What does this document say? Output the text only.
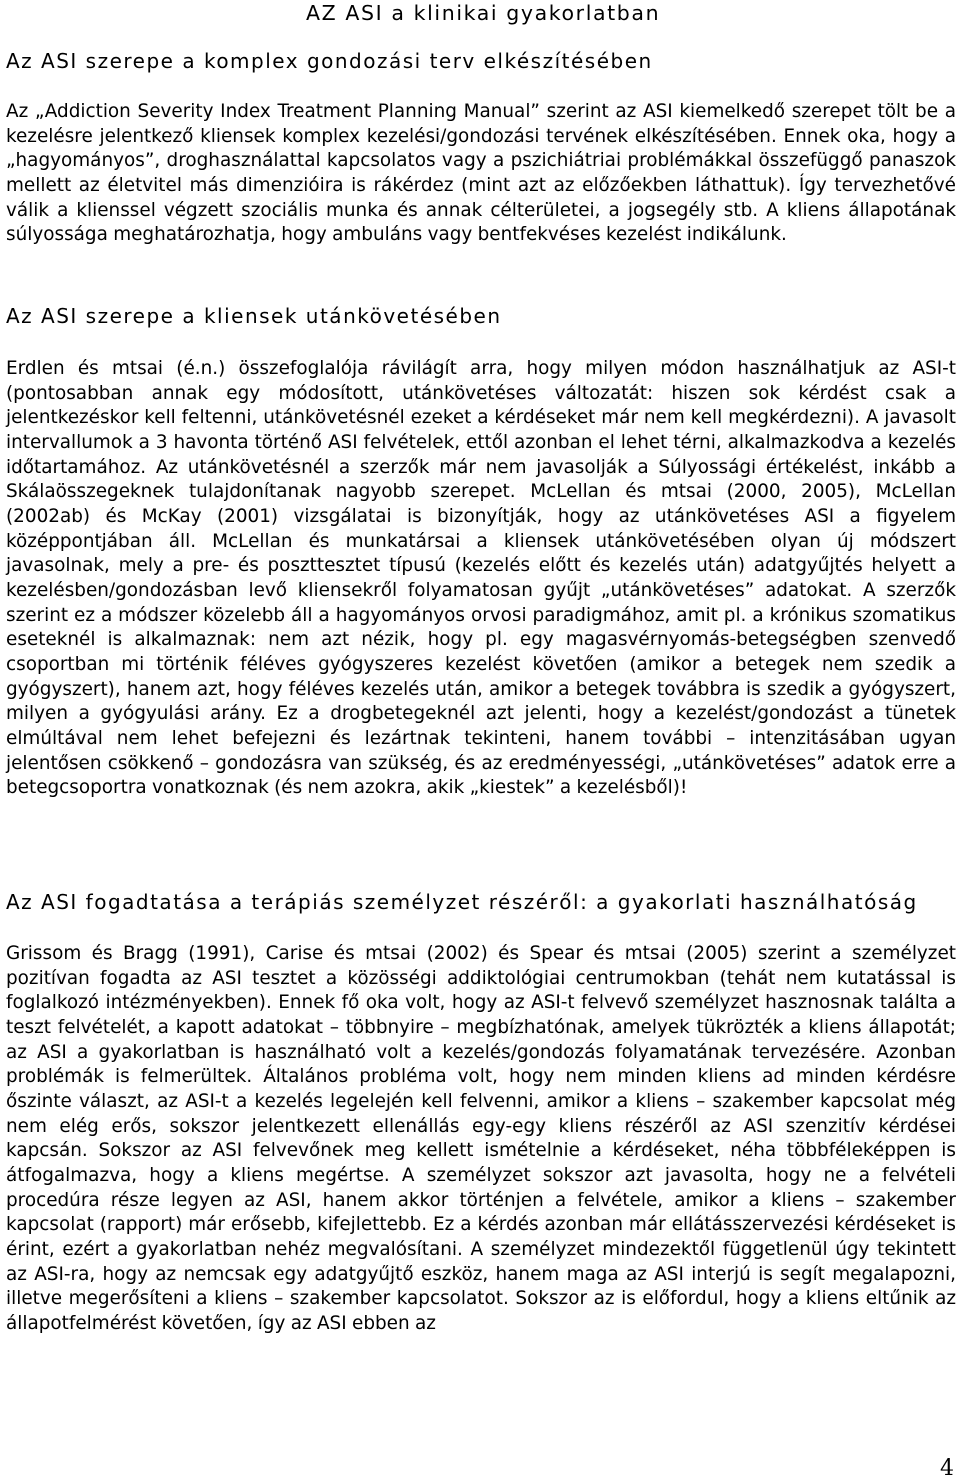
AZ ASI a klinikai gyakorlatban
Az ASI szerepe a komplex gondozási terv elkészítésében
Az „Addiction Severity Index Treatment Planning Manual” szerint az ASI kiemelkedő szerepet tölt be a kezelésre jelentkező kliensek komplex kezelési/gondozási tervének elkészítésében. Ennek oka, hogy a „hagyományos”, droghasználattal kapcsolatos vagy a pszichiátriai problémákkal összefüggő panaszok mellett az életvitel más dimenzióira is rákérdez (mint azt az előzőekben láthattuk). Így tervezhetővé válik a klienssel végzett szociális munka és annak célterületei, a jogsegély stb. A kliens állapotának súlyossága meghatározhatja, hogy ambuláns vagy bentfekvéses kezelést indikálunk.
Az ASI szerepe a kliensek utánkövetésében
Erdlen és mtsai (é.n.) összefoglalója rávilágít arra, hogy milyen módon használhatjuk az ASI-t (pontosabban annak egy módosított, utánkövetéses változatát: hiszen sok kérdést csak a jelentkezéskor kell feltenni, utánkövetésnél ezeket a kérdéseket már nem kell megkérdezni). A javasolt intervallumok a 3 havonta történő ASI felvételek, ettől azonban el lehet térni, alkalmazkodva a kezelés időtartamához. Az utánkövetésnél a szerzők már nem javasolják a Súlyossági értékelést, inkább a Skálaösszegeknek tulajdonítanak nagyobb szerepet. McLellan és mtsai (2000, 2005), McLellan (2002ab) és McKay (2001) vizsgálatai is bizonyítják, hogy az utánkövetéses ASI a figyelem középpontjában áll. McLellan és munkatársai a kliensek utánkövetésében olyan új módszert javasolnak, mely a pre- és poszttesztet típusú (kezelés előtt és kezelés után) adatgyűjtés helyett a kezelésben/gondozásban levő kliensekről folyamatosan gyűjt „utánkövetéses” adatokat. A szerzők szerint ez a módszer közelebb áll a hagyományos orvosi paradigmához, amit pl. a krónikus szomatikus eseteknél is alkalmaznak: nem azt nézik, hogy pl. egy magasvérnyomás-betegségben szenvedő csoportban mi történik féléves gyógyszeres kezelést követően (amikor a betegek nem szedik a gyógyszert), hanem azt, hogy féléves kezelés után, amikor a betegek továbbra is szedik a gyógyszert, milyen a gyógyulási arány. Ez a drogbetegeknél azt jelenti, hogy a kezelést/gondozást a tünetek elmúltával nem lehet befejezni és lezártnak tekinteni, hanem további – intenzitásában ugyan jelentősen csökkenő – gondozásra van szükség, és az eredményességi, „utánkövetéses” adatok erre a betegcsoportra vonatkoznak (és nem azokra, akik „kiestek” a kezelésből)!
Az ASI fogadtatása a terápiás személyzet részéről: a gyakorlati használhatóság
Grissom és Bragg (1991), Carise és mtsai (2002) és Spear és mtsai (2005) szerint a személyzet pozitívan fogadta az ASI tesztet a közösségi addiktológiai centrumokban (tehát nem kutatással is foglalkozó intézményekben). Ennek fő oka volt, hogy az ASI-t felvevő személyzet hasznosnak találta a teszt felvételét, a kapott adatokat – többnyire – megbízhatónak, amelyek tükrözték a kliens állapotát; az ASI a gyakorlatban is használható volt a kezelés/gondozás folyamatának tervezésére. Azonban problémák is felmerültek. Általános probléma volt, hogy nem minden kliens ad minden kérdésre őszinte választ, az ASI-t a kezelés legelején kell felvenni, amikor a kliens – szakember kapcsolat még nem elég erős, sokszor jelentkezett ellenállás egy-egy kliens részéről az ASI szenzitív kérdései kapcsán. Sokszor az ASI felvevőnek meg kellett ismételnie a kérdéseket, néha többféleképpen is átfogalmazva, hogy a kliens megértse. A személyzet sokszor azt javasolta, hogy ne a felvételi procedúra része legyen az ASI, hanem akkor történjen a felvétele, amikor a kliens – szakember kapcsolat (rapport) már erősebb, kifejlettebb. Ez a kérdés azonban már ellátásszervezési kérdéseket is érint, ezért a gyakorlatban nehéz megvalósítani. A személyzet mindezektől függetlenül úgy tekintett az ASI-ra, hogy az nemcsak egy adatgyűjtő eszköz, hanem maga az ASI interjú is segít megalapozni, illetve megerősíteni a kliens – szakember kapcsolatot. Sokszor az is előfordul, hogy a kliens eltűnik az állapotfelmérést követően, így az ASI ebben az
4
